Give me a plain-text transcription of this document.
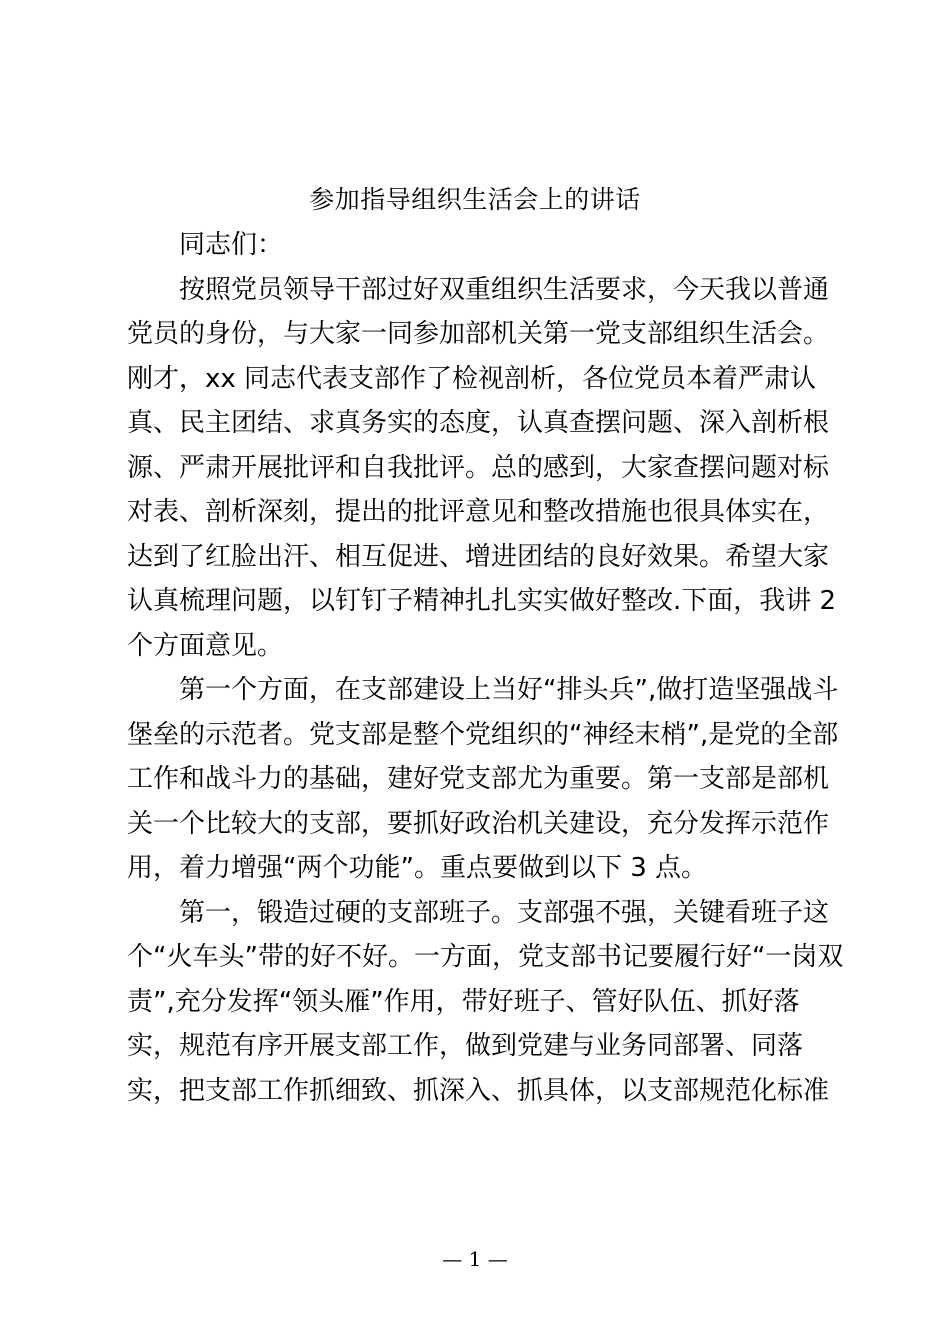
参加指导组织生活会上的讲话

同志们：

按照党员领导干部过好双重组织生活要求，今天我以普通
党员的身份，与大家一同参加部机关第一党支部组织生活会。
刚才，xx 同志代表支部作了检视剖析，各位党员本着严肃认
真、民主团结、求真务实的态度，认真查摆问题、深入剖析根
源、严肃开展批评和自我批评。总的感到，大家查摆问题对标
对表、剖析深刻，提出的批评意见和整改措施也很具体实在，
达到了红脸出汗、相互促进、增进团结的良好效果。希望大家
认真梳理问题，以钉钉子精神扎扎实实做好整改.下面，我讲 2
个方面意见。

第一个方面，在支部建设上当好“排头兵”,做打造坚强战斗
堡垒的示范者。党支部是整个党组织的“神经末梢”,是党的全部
工作和战斗力的基础，建好党支部尤为重要。第一支部是部机
关一个比较大的支部，要抓好政治机关建设，充分发挥示范作
用，着力增强“两个功能”。重点要做到以下 3 点。

第一，锻造过硬的支部班子。支部强不强，关键看班子这
个“火车头”带的好不好。一方面，党支部书记要履行好“一岗双
责”,充分发挥“领头雁”作用，带好班子、管好队伍、抓好落
实，规范有序开展支部工作，做到党建与业务同部署、同落
实，把支部工作抓细致、抓深入、抓具体，以支部规范化标准

— 1 —
